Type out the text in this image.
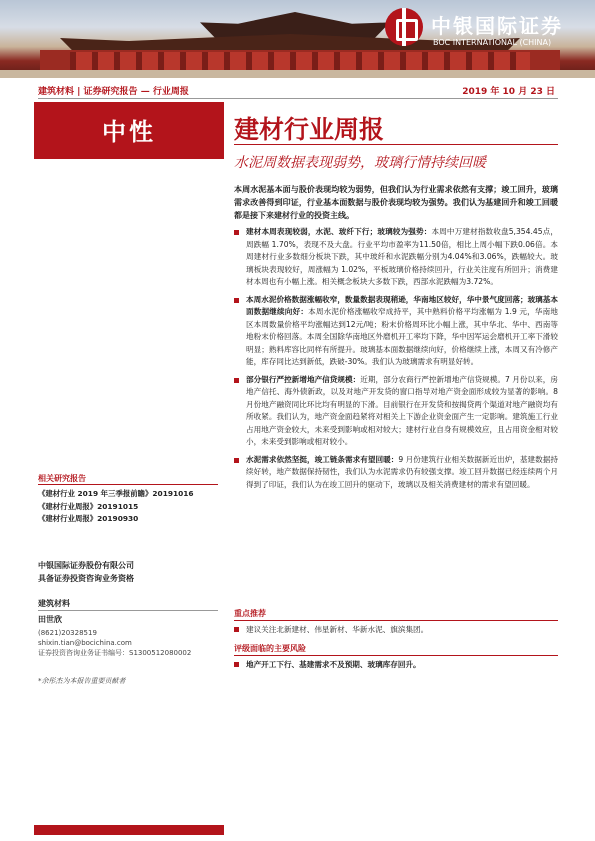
中银国际证券
BOC INTERNATIONAL (CHINA)
建筑材料 | 证券研究报告 — 行业周报	2019 年 10 月 23 日
中性	建材行业周报
水泥周数据表现弱势，玻璃行情持续回暖
本周水泥基本面与股价表现均较为弱势，但我们认为行业需求依然有支撑；竣工回升，玻璃需求改善得到印证，行业基本面数据与股价表现均较为强势。我们认为基建回升和竣工回暖都是接下来建材行业的投资主线。
建材本周表现较弱，水泥、玻纤下行；玻璃较为强势：本周中万建材指数收盘5,354.45点，周跌幅 1.70%，表现不及大盘。行业平均市盈率为11.50倍，相比上周小幅下跌0.06倍。本周建材行业多数细分板块下跌，其中玻纤和水泥跌幅分别为4.04%和3.06%，跌幅较大。玻璃板块表现较好，周涨幅为 1.02%，平板玻璃价格持续回升，行业关注度有所回升；消费建材本周也有小幅上涨。相关概念板块大多数下跌，西部水泥跌幅为3.72%。
本周水泥价格数据涨幅收窄，数量数据表现稍逊，华南地区较好，华中景气度回落；玻璃基本面数据继续向好：本周水泥价格涨幅收窄成持平，其中熟料价格平均涨幅为 1.9 元，华南地区本周数量价格平均涨幅达到12元/吨；粉末价格周环比小幅上涨，其中华北、华中、西南等地粉末价格回落。本周全国除华南地区外磨机开工率均下降，华中因军运会磨机开工率下滑较明显；熟料库容比同样有所提升。玻璃基本面数据继续向好，价格继续上涨，本周又有冷修产能，库存同比达到新低，跌破-30%。我们认为玻璃需求有明显好转。
部分银行严控新增地产信贷规模：近期，部分农商行严控新增地产信贷规模。7 月份以来，房地产信托、海外债新政，以及对地产开发贷的窗口指导对地产资金面形成较为显著的影响。8 月份地产融资同比环比均有明显的下滑。目前银行在开发贷和按揭贷两个渠道对地产融资均有所收紧。我们认为，地产资金面趋紧将对相关上下游企业资金面产生一定影响。建筑施工行业占用地产资金较大，未来受到影响或相对较大；建材行业自身有规模效应，且占用资金相对较小，未来受到影响或相对较小。
水泥需求依然坚挺，竣工链条需求有望回暖：9 月份建筑行业相关数据新近出炉，基建数据持续好转，地产数据保持韧性，我们认为水泥需求仍有较强支撑。竣工回升数据已经连续两个月得到了印证，我们认为在竣工回升的驱动下，玻璃以及相关消费建材的需求有望回暖。
重点推荐
建议关注北新建材、伟星新材、华新水泥、旗滨集团。
评级面临的主要风险
地产开工下行、基建需求不及预期、玻璃库存回升。
相关研究报告
《建材行业 2019 年三季报前瞻》20191016
《建材行业周报》20191015
《建材行业周报》20190930
中银国际证券股份有限公司
具备证券投资咨询业务资格
建筑材料
田世欣
(8621)20328519
shixin.tian@bocichina.com
证券投资咨询业务证书编号：S1300512080002
*余彤杰为本报告重要贡献者
